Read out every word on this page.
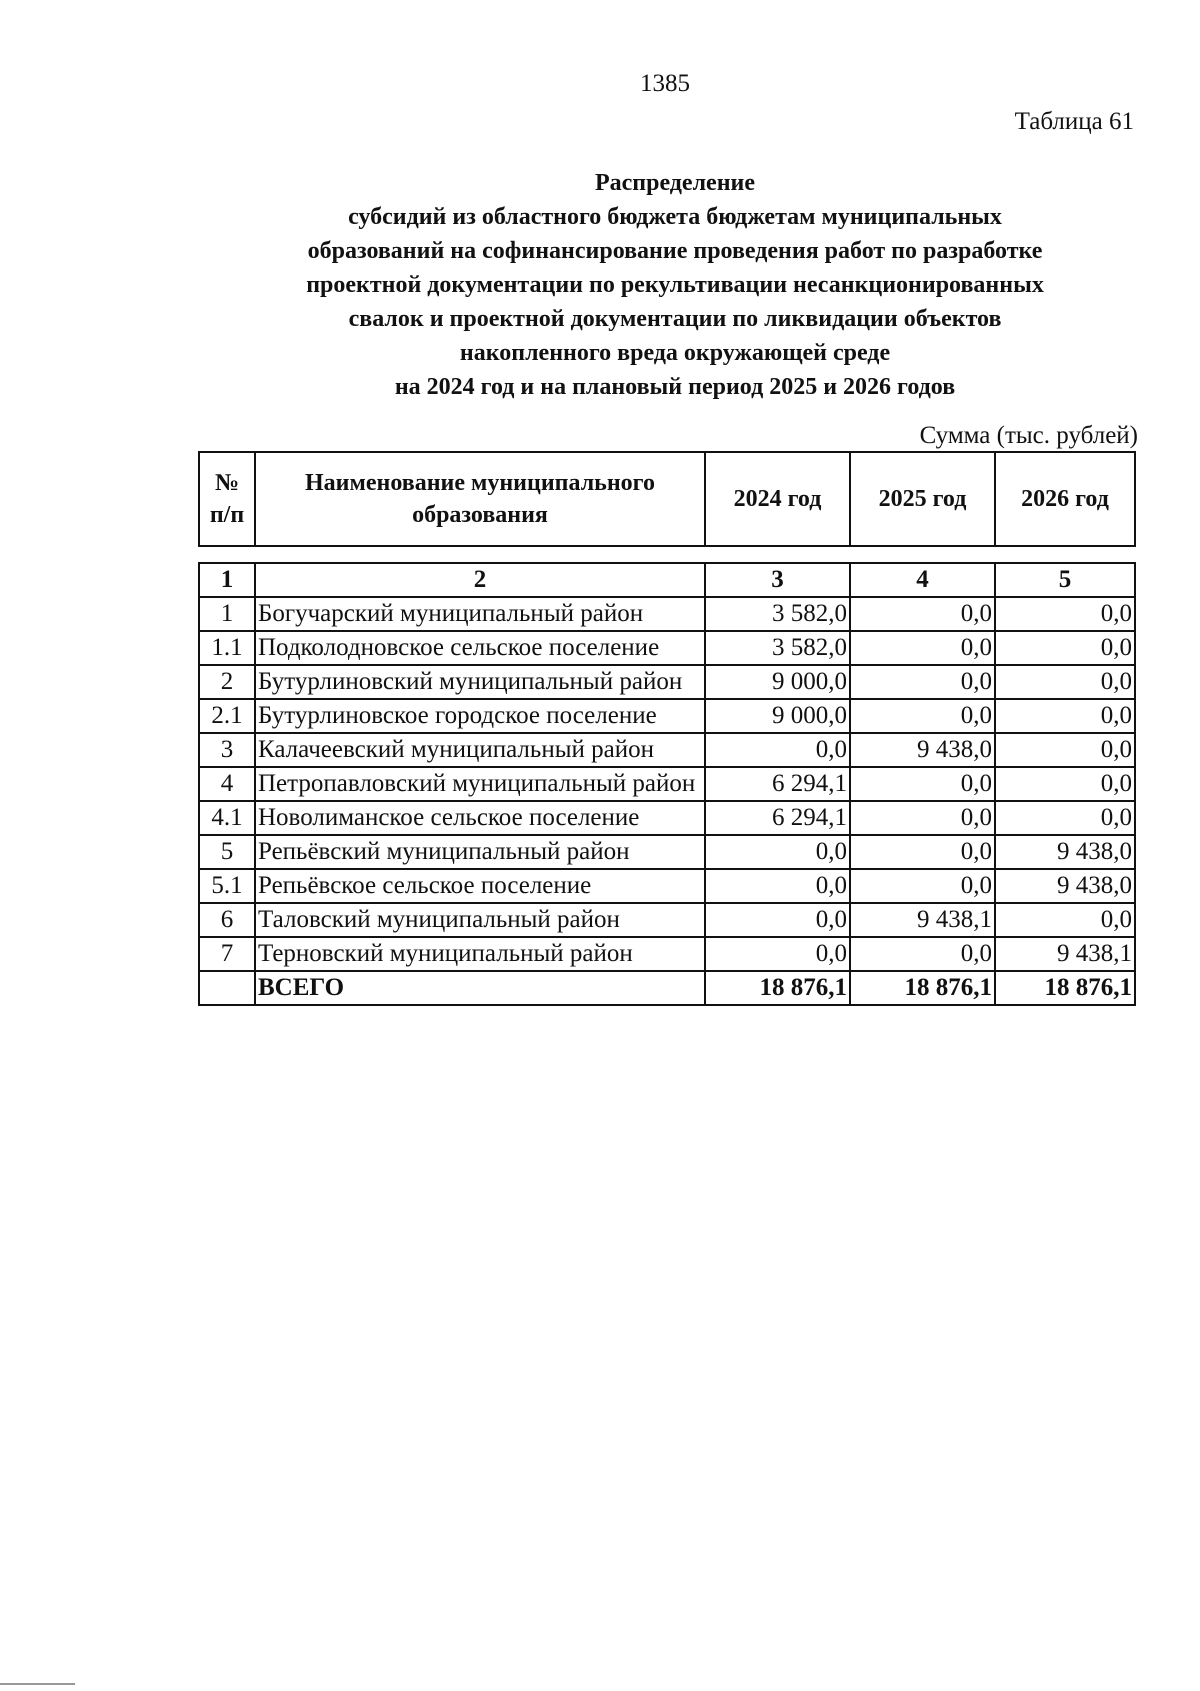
1385
Таблица 61
Распределение
субсидий из областного бюджета бюджетам муниципальных
образований на софинансирование проведения работ по разработке
проектной документации по рекультивации несанкционированных
свалок и проектной документации по ликвидации объектов
накопленного вреда окружающей среде
на 2024 год и на плановый период 2025 и 2026 годов
Сумма (тыс. рублей)
№ п/п	Наименование муниципального образования	2024 год	2025 год	2026 год
1	2	3	4	5
1	Богучарский муниципальный район	3 582,0	0,0	0,0
1.1	Подколодновское сельское поселение	3 582,0	0,0	0,0
2	Бутурлиновский муниципальный район	9 000,0	0,0	0,0
2.1	Бутурлиновское городское поселение	9 000,0	0,0	0,0
3	Калачеевский муниципальный район	0,0	9 438,0	0,0
4	Петропавловский муниципальный район	6 294,1	0,0	0,0
4.1	Новолиманское сельское поселение	6 294,1	0,0	0,0
5	Репьёвский муниципальный район	0,0	0,0	9 438,0
5.1	Репьёвское сельское поселение	0,0	0,0	9 438,0
6	Таловский муниципальный район	0,0	9 438,1	0,0
7	Терновский муниципальный район	0,0	0,0	9 438,1
	ВСЕГО	18 876,1	18 876,1	18 876,1
